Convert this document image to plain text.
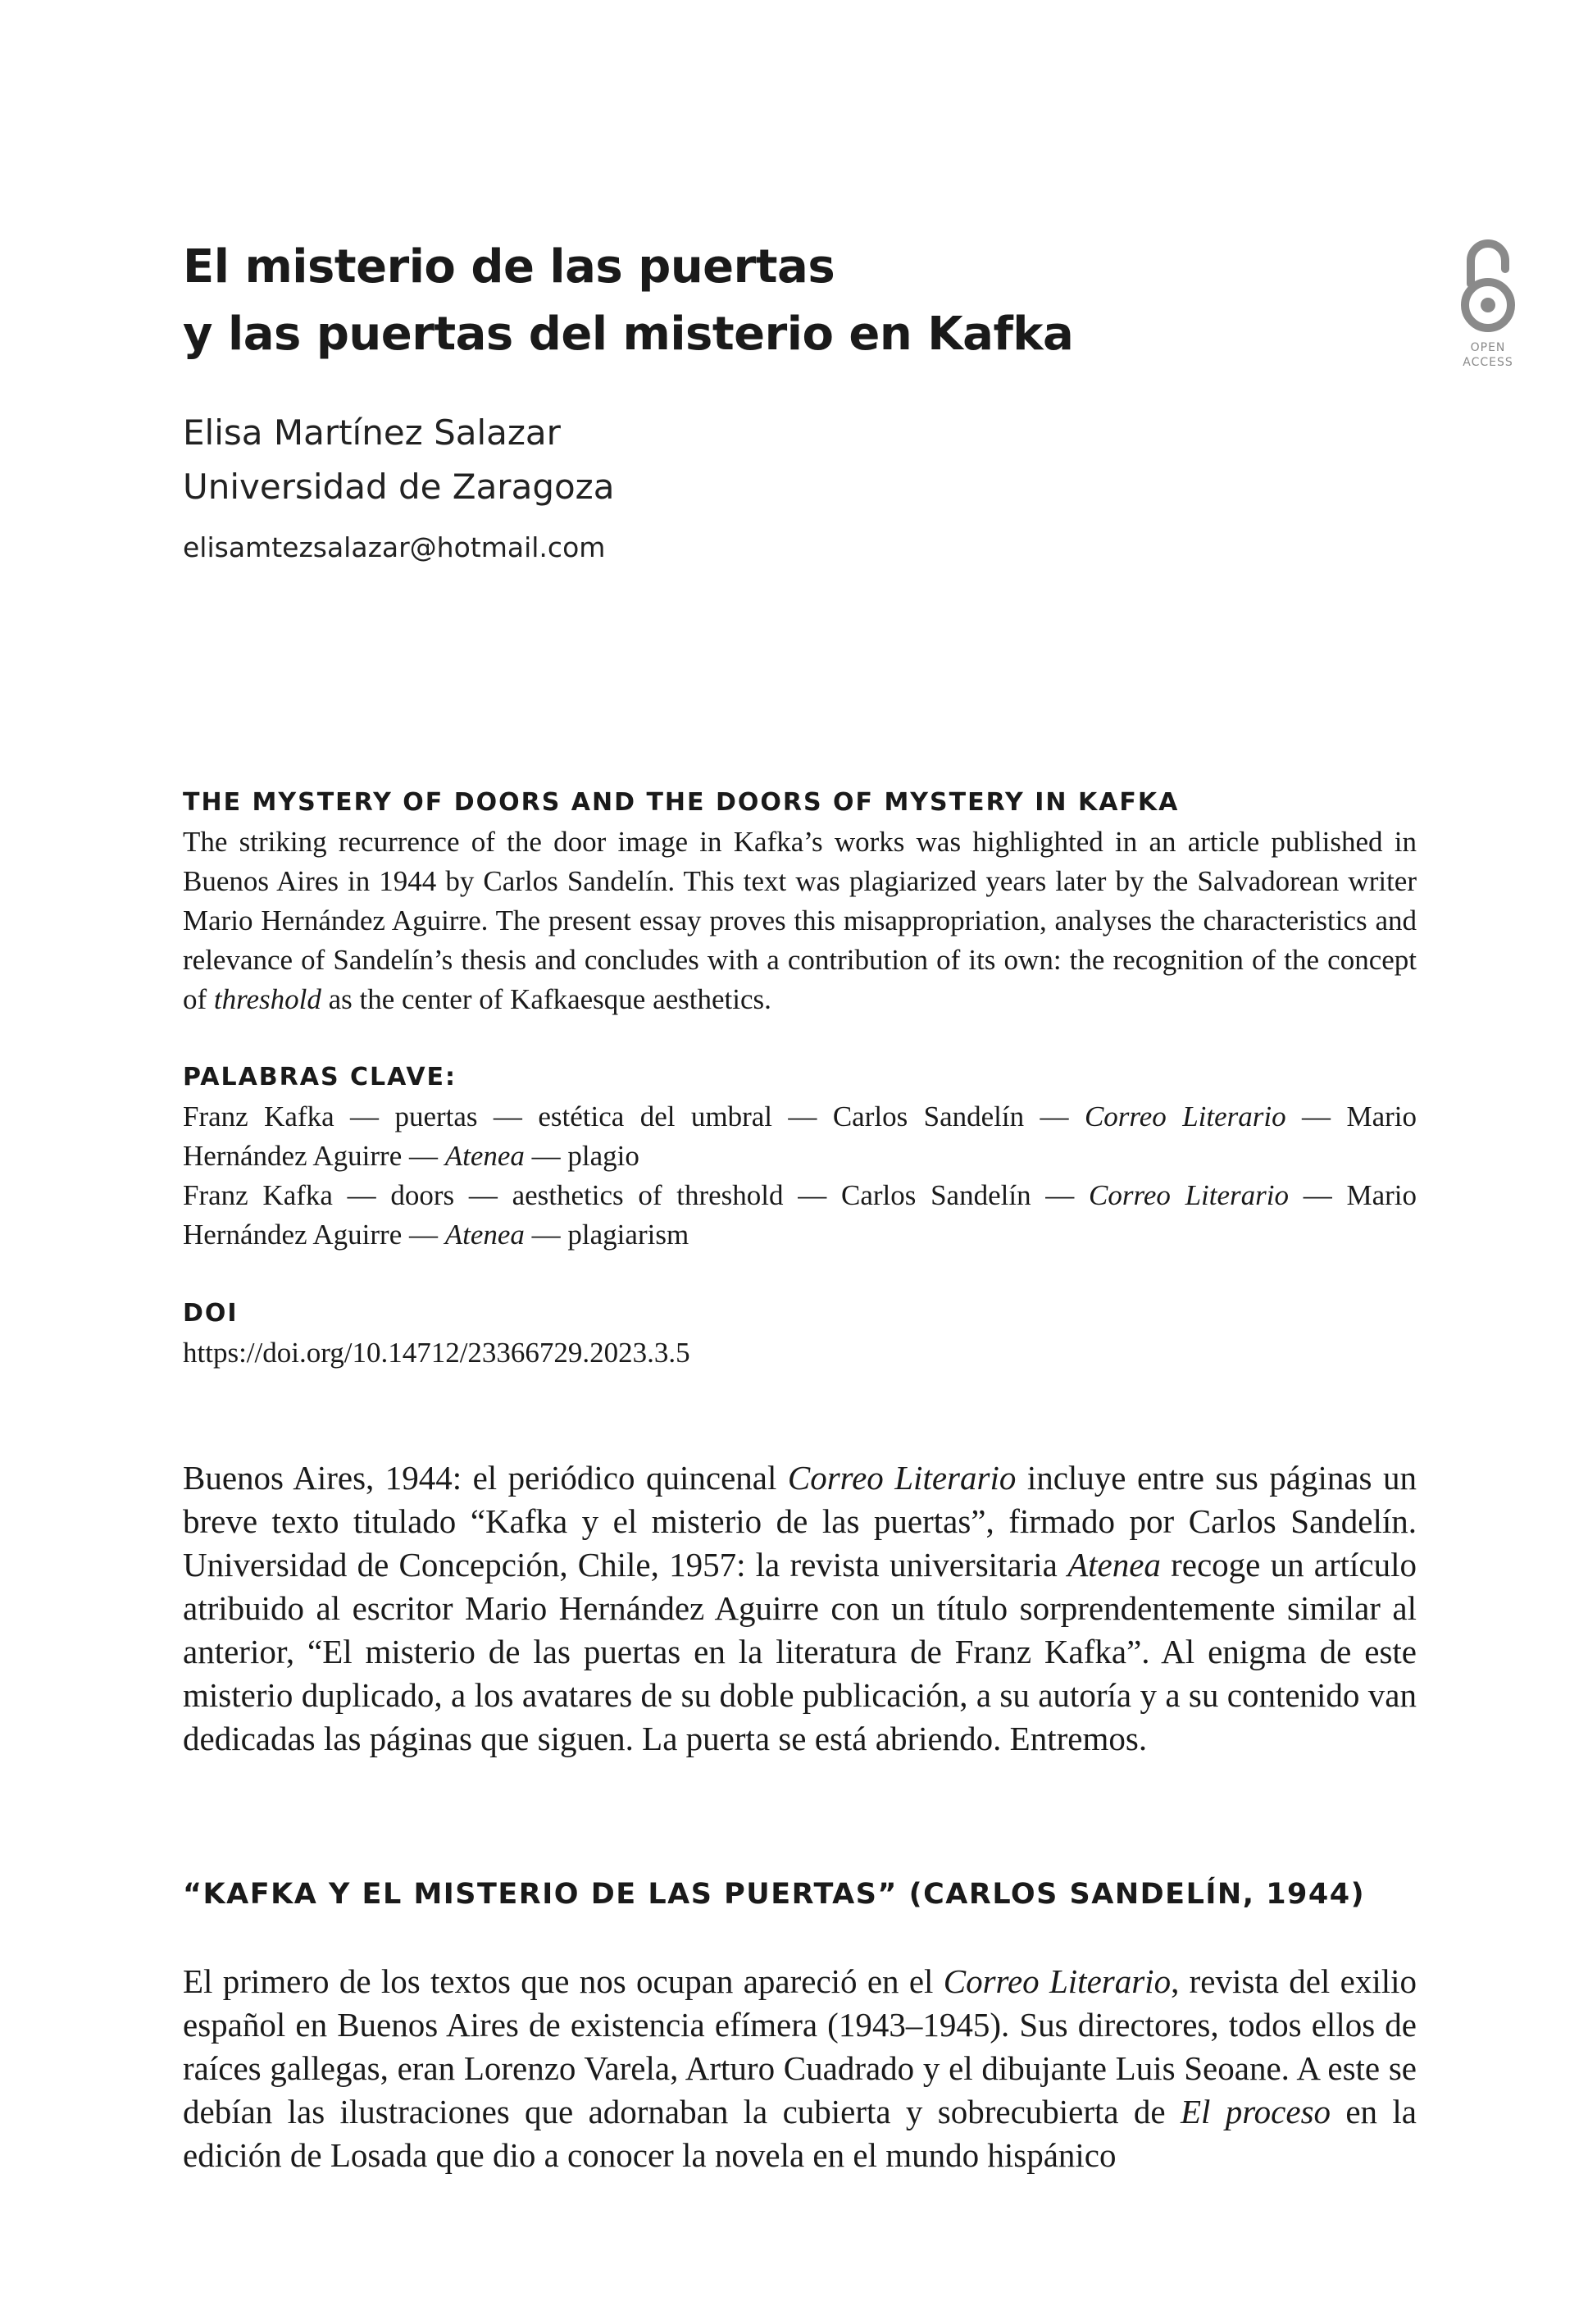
El misterio de las puertas
y las puertas del misterio en Kafka	OPEN
ACCESS
Elisa Martínez Salazar
Universidad de Zaragoza
elisamtezsalazar@hotmail.com
THE MYSTERY OF DOORS AND THE DOORS OF MYSTERY IN KAFKA
The striking recurrence of the door image in Kafka’s works was highlighted in an article published in Buenos Aires in 1944 by Carlos Sandelín. This text was plagiarized years later by the Salvadorean writer Mario Hernández Aguirre. The present essay proves this misappropriation, analyses the characteristics and relevance of Sandelín’s thesis and concludes with a contribution of its own: the recognition of the concept of threshold as the center of Kafkaesque aesthetics.
PALABRAS CLAVE:
Franz Kafka — puertas — estética del umbral — Carlos Sandelín — Correo Literario — Mario Hernández Aguirre — Atenea — plagio
Franz Kafka — doors — aesthetics of threshold — Carlos Sandelín — Correo Literario — Mario Hernández Aguirre — Atenea — plagiarism
DOI
https://doi.org/10.14712/23366729.2023.3.5

Buenos Aires, 1944: el periódico quincenal Correo Literario incluye entre sus páginas un breve texto titulado “Kafka y el misterio de las puertas”, firmado por Carlos Sandelín. Universidad de Concepción, Chile, 1957: la revista universitaria Atenea recoge un artículo atribuido al escritor Mario Hernández Aguirre con un título sorprendentemente similar al anterior, “El misterio de las puertas en la literatura de Franz Kafka”. Al enigma de este misterio duplicado, a los avatares de su doble publicación, a su autoría y a su contenido van dedicadas las páginas que siguen. La puerta se está abriendo. Entremos.

“KAFKA Y EL MISTERIO DE LAS PUERTAS” (CARLOS SANDELÍN, 1944)

El primero de los textos que nos ocupan apareció en el Correo Literario, revista del exilio español en Buenos Aires de existencia efímera (1943–1945). Sus directores, todos ellos de raíces gallegas, eran Lorenzo Varela, Arturo Cuadrado y el dibujante Luis Seoane. A este se debían las ilustraciones que adornaban la cubierta y sobrecubierta de El proceso en la edición de Losada que dio a conocer la novela en el mundo hispánico
